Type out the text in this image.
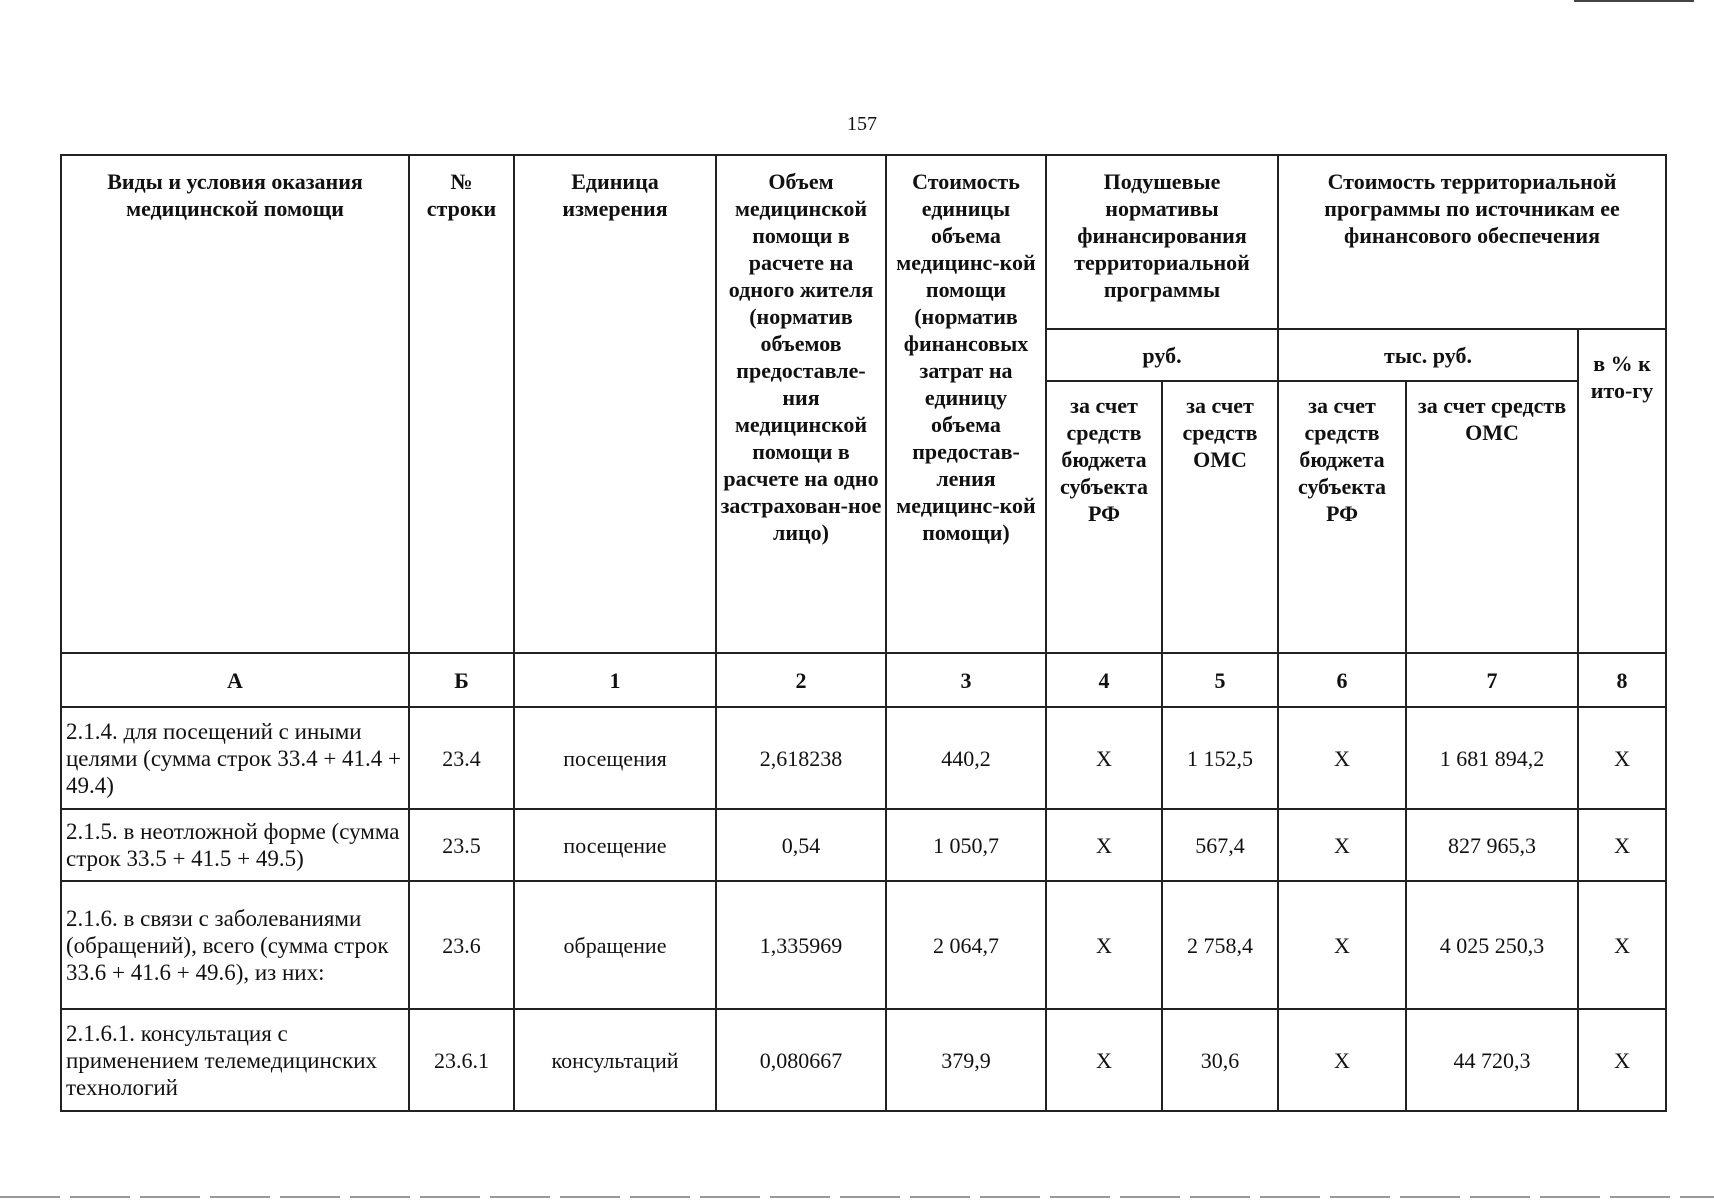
157
Виды и условия оказания медицинской помощи	№ строки	Единица измерения	Объем медицинской помощи в расчете на одного жителя (норматив объемов предоставле-ния медицинской помощи в расчете на одно застрахован-ное лицо)	Стоимость единицы объема медицинс-кой помощи (норматив финансовых затрат на единицу объема предостав-ления медицинс-кой помощи)	Подушевые нормативы финансирования территориальной программы		Стоимость территориальной программы по источникам ее финансового обеспечения		
					руб.		тыс. руб.		в % к ито-гу
					за счет средств бюджета субъекта РФ	за счет средств ОМС	за счет средств бюджета субъекта РФ	за счет средств ОМС	
А	Б	1	2	3	4	5	6	7	8
2.1.4. для посещений с иными целями (сумма строк 33.4 + 41.4 + 49.4)	23.4	посещения	2,618238	440,2	Х	1 152,5	Х	1 681 894,2	Х
2.1.5. в неотложной форме (сумма строк 33.5 + 41.5 + 49.5)	23.5	посещение	0,54	1 050,7	Х	567,4	Х	827 965,3	Х
2.1.6. в связи с заболеваниями (обращений), всего (сумма строк 33.6 + 41.6 + 49.6), из них:	23.6	обращение	1,335969	2 064,7	Х	2 758,4	Х	4 025 250,3	Х
2.1.6.1. консультация с применением телемедицинских технологий	23.6.1	консультаций	0,080667	379,9	Х	30,6	Х	44 720,3	Х
